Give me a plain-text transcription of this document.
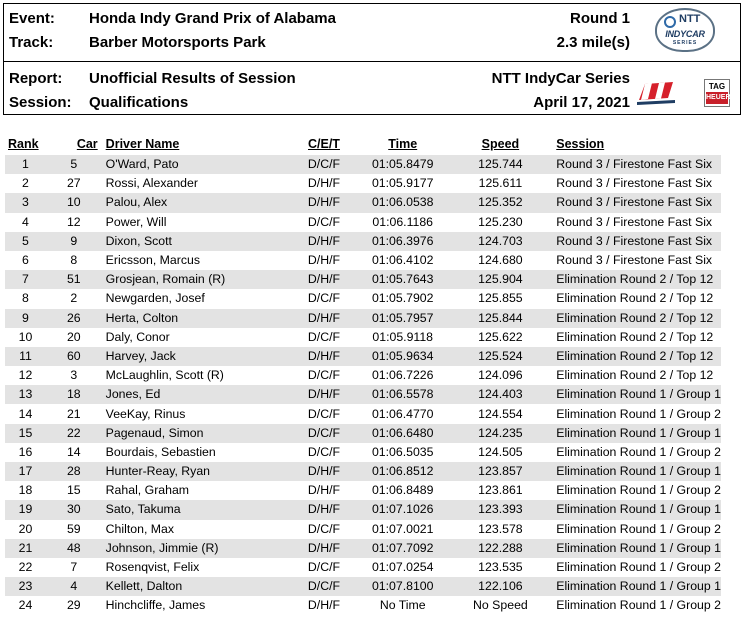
Event: Honda Indy Grand Prix of Alabama	Round 1
Track: Barber Motorsports Park	2.3 mile(s)
Report: Unofficial Results of Session	NTT IndyCar Series
Session: Qualifications	April 17, 2021
NTT
INDYCAR
SERIES
TAG
HEUER
Rank	Car	Driver Name	C/E/T	Time	Speed	Session
1	5	O'Ward, Pato	D/C/F	01:05.8479	125.744	Round 3 / Firestone Fast Six
2	27	Rossi, Alexander	D/H/F	01:05.9177	125.611	Round 3 / Firestone Fast Six
3	10	Palou, Alex	D/H/F	01:06.0538	125.352	Round 3 / Firestone Fast Six
4	12	Power, Will	D/C/F	01:06.1186	125.230	Round 3 / Firestone Fast Six
5	9	Dixon, Scott	D/H/F	01:06.3976	124.703	Round 3 / Firestone Fast Six
6	8	Ericsson, Marcus	D/H/F	01:06.4102	124.680	Round 3 / Firestone Fast Six
7	51	Grosjean, Romain (R)	D/H/F	01:05.7643	125.904	Elimination Round 2 / Top 12
8	2	Newgarden, Josef	D/C/F	01:05.7902	125.855	Elimination Round 2 / Top 12
9	26	Herta, Colton	D/H/F	01:05.7957	125.844	Elimination Round 2 / Top 12
10	20	Daly, Conor	D/C/F	01:05.9118	125.622	Elimination Round 2 / Top 12
11	60	Harvey, Jack	D/H/F	01:05.9634	125.524	Elimination Round 2 / Top 12
12	3	McLaughlin, Scott (R)	D/C/F	01:06.7226	124.096	Elimination Round 2 / Top 12
13	18	Jones, Ed	D/H/F	01:06.5578	124.403	Elimination Round 1 / Group 1
14	21	VeeKay, Rinus	D/C/F	01:06.4770	124.554	Elimination Round 1 / Group 2
15	22	Pagenaud, Simon	D/C/F	01:06.6480	124.235	Elimination Round 1 / Group 1
16	14	Bourdais, Sebastien	D/C/F	01:06.5035	124.505	Elimination Round 1 / Group 2
17	28	Hunter-Reay, Ryan	D/H/F	01:06.8512	123.857	Elimination Round 1 / Group 1
18	15	Rahal, Graham	D/H/F	01:06.8489	123.861	Elimination Round 1 / Group 2
19	30	Sato, Takuma	D/H/F	01:07.1026	123.393	Elimination Round 1 / Group 1
20	59	Chilton, Max	D/C/F	01:07.0021	123.578	Elimination Round 1 / Group 2
21	48	Johnson, Jimmie (R)	D/H/F	01:07.7092	122.288	Elimination Round 1 / Group 1
22	7	Rosenqvist, Felix	D/C/F	01:07.0254	123.535	Elimination Round 1 / Group 2
23	4	Kellett, Dalton	D/C/F	01:07.8100	122.106	Elimination Round 1 / Group 1
24	29	Hinchcliffe, James	D/H/F	No Time	No Speed	Elimination Round 1 / Group 2
